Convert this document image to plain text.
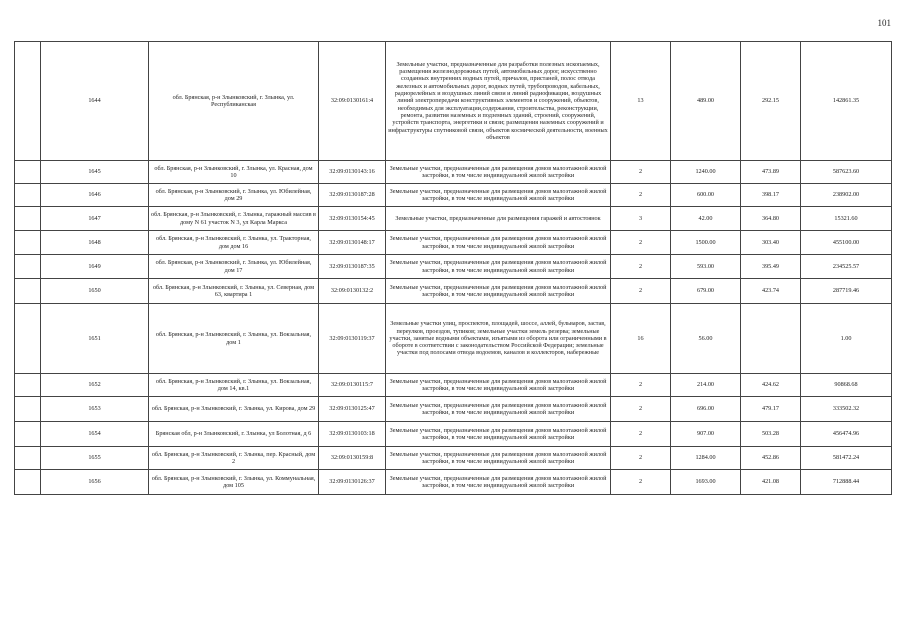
101
	1644	обл. Брянская, р-н Злынковский, г. Злынка, ул. Республиканская	32:09:0130161:4	Земельные участки, предназначенные для разработки полезных ископаемых, размещения железнодорожных путей, автомобильных дорог, искусственно созданных внутренних водных путей, причалов, пристаней, полос отвода железных и автомобильных дорог, водных путей, трубопроводов, кабельных, радиорелейных и воздушных линий связи и линий радиофикации, воздушных линий электропередачи конструктивных элементов и сооружений, объектов, необходимых для эксплуатации,содержания, строительства, реконструкции, ремонта, развития наземных и подземных зданий, строений, сооружений, устройств транспорта, энергетики и связи; размещения наземных сооружений и инфраструктуры спутниковой связи, объектов космической деятельности, военных объектов	13	489.00	292.15	142861.35
	1645	обл. Брянская, р-н Злынковский, г. Злынка, ул. Красная, дом 10	32:09:0130143:16	Земельные участки, предназначенные для размещения домов малоэтажной жилой застройки, в том числе индивидуальной жилой застройки	2	1240.00	473.89	587623.60
	1646	обл. Брянская, р-н Злынковский, г. Злынка, ул. Юбилейная, дом 29	32:09:0130187:28	Земельные участки, предназначенные для размещения домов малоэтажной жилой застройки, в том числе индивидуальной жилой застройки	2	600.00	398.17	238902.00
	1647	обл. Брянская, р-н Злынковский, г. Злынка, гаражный массив в дому N 61 участок N 3, ул Карла Маркса	32:09:0130154:45	Земельные участки, предназначенные для размещения гаражей и автостоянок	3	42.00	364.80	15321.60
	1648	обл. Брянская, р-н Злынковский, г. Злынка, ул. Тракторная, дом дом 16	32:09:0130148:17	Земельные участки, предназначенные для размещения домов малоэтажной жилой застройки, в том числе индивидуальной жилой застройки	2	1500.00	303.40	455100.00
	1649	обл. Брянская, р-н Злынковский, г. Злынка, ул. Юбилейная, дом 17	32:09:0130187:35	Земельные участки, предназначенные для размещения домов малоэтажной жилой застройки, в том числе индивидуальной жилой застройки	2	593.00	395.49	234525.57
	1650	обл. Брянская, р-н Злынковский, г. Злынка, ул. Северная, дом 63, квартира 1	32:09:0130132:2	Земельные участки, предназначенные для размещения домов малоэтажной жилой застройки, в том числе индивидуальной жилой застройки	2	679.00	423.74	287719.46
	1651	обл. Брянская, р-н Злынковский, г. Злынка, ул. Вокзальная, дом 1	32:09:0130119:37	Земельные участки улиц, проспектов, площадей, шоссе, аллей, бульваров, застав, переулков, проездов, тупиков; земельные участки земель резерва; земельные участки, занятые водными объектами, изъятыми из оборота или ограниченными в обороте в соответствии с законодательством Российской Федерации; земельные участки под полосами отвода водоемов, каналов и коллекторов, набережные	16	56.00		1.00
	1652	обл. Брянская, р-н Злынковский, г. Злынка, ул. Вокзальная, дом 14, кв.1	32:09:0130115:7	Земельные участки, предназначенные для размещения домов малоэтажной жилой застройки, в том числе индивидуальной жилой застройки	2	214.00	424.62	90868.68
	1653	обл. Брянская, р-н Злынковский, г. Злынка, ул. Кирова, дом 29	32:09:0130125:47	Земельные участки, предназначенные для размещения домов малоэтажной жилой застройки, в том числе индивидуальной жилой застройки	2	696.00	479.17	333502.32
	1654	Брянская обл, р-н Злынковский, г. Злынка, ул Болотная, д 6	32:09:0130103:18	Земельные участки, предназначенные для размещения домов малоэтажной жилой застройки, в том числе индивидуальной жилой застройки	2	907.00	503.28	456474.96
	1655	обл. Брянская, р-н Злынковский, г. Злынка, пер. Красный, дом 2	32:09:0130159:8	Земельные участки, предназначенные для размещения домов малоэтажной жилой застройки, в том числе индивидуальной жилой застройки	2	1284.00	452.86	581472.24
	1656	обл. Брянская, р-н Злынковский, г. Злынка, ул. Коммунальная, дом 105	32:09:0130126:37	Земельные участки, предназначенные для размещения домов малоэтажной жилой застройки, в том числе индивидуальной жилой застройки	2	1693.00	421.08	712888.44
